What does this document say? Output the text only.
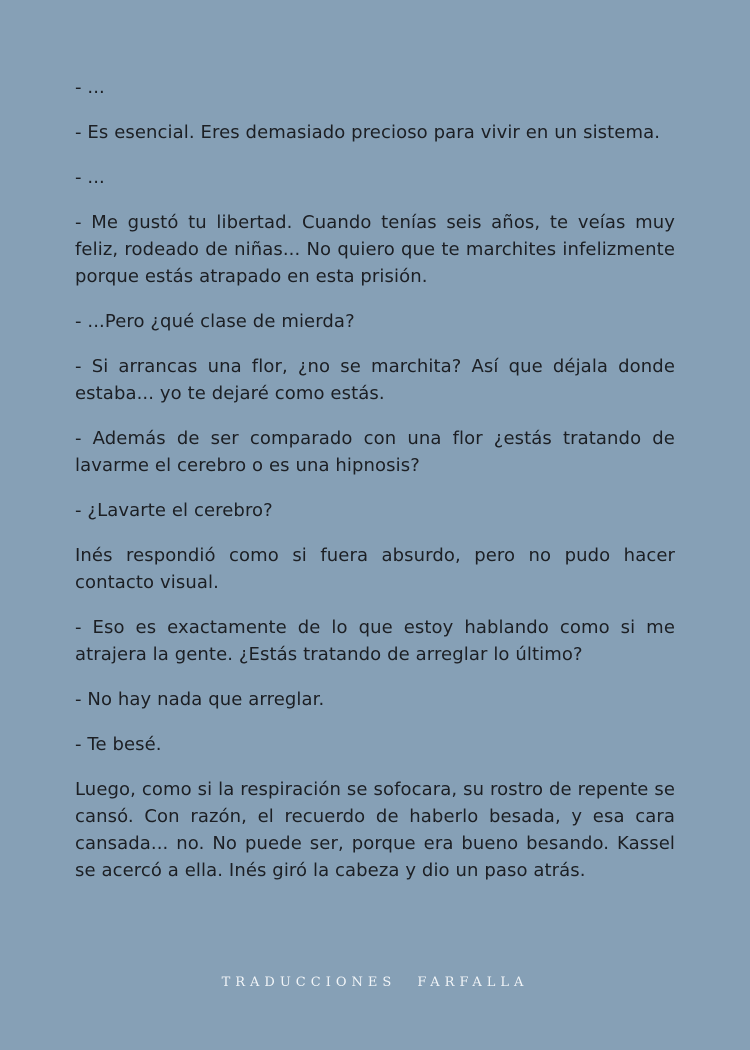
- ...

- Es esencial. Eres demasiado precioso para vivir en un sistema.

- ...

- Me gustó tu libertad. Cuando tenías seis años, te veías muy feliz, rodeado de niñas... No quiero que te marchites infelizmente porque estás atrapado en esta prisión.

- ...Pero ¿qué clase de mierda?

- Si arrancas una flor, ¿no se marchita? Así que déjala donde estaba... yo te dejaré como estás.

- Además de ser comparado con una flor ¿estás tratando de lavarme el cerebro o es una hipnosis?

- ¿Lavarte el cerebro?

Inés respondió como si fuera absurdo, pero no pudo hacer contacto visual.

- Eso es exactamente de lo que estoy hablando como si me atrajera la gente. ¿Estás tratando de arreglar lo último?

- No hay nada que arreglar.

- Te besé.

Luego, como si la respiración se sofocara, su rostro de repente se cansó. Con razón, el recuerdo de haberlo besada, y esa cara cansada... no. No puede ser, porque era bueno besando. Kassel se acercó a ella. Inés giró la cabeza y dio un paso atrás.

TRADUCCIONES FARFALLA
